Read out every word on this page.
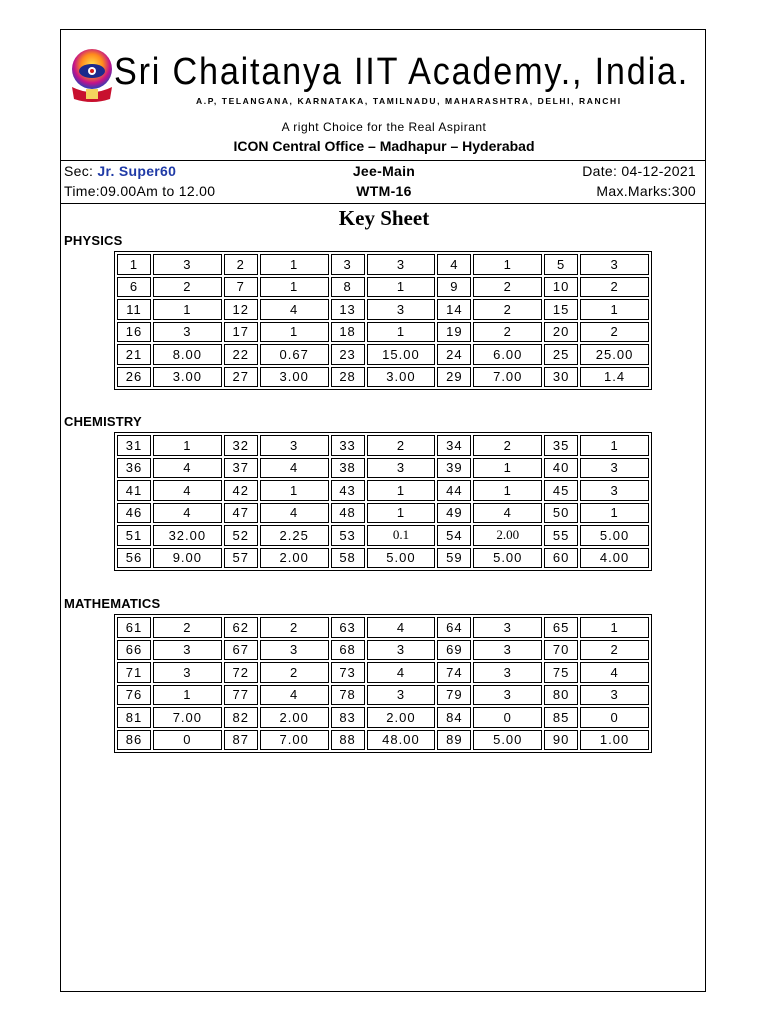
Sri Chaitanya IIT Academy., India.
A.P, TELANGANA, KARNATAKA, TAMILNADU, MAHARASHTRA, DELHI, RANCHI
A right Choice for the Real Aspirant
ICON Central Office – Madhapur – Hyderabad
Sec: Jr. Super60
Time:09.00Am to 12.00
Jee-Main
WTM-16
Date: 04-12-2021
Max.Marks:300
Key Sheet
PHYSICS
1	3	2	1	3	3	4	1	5	3
6	2	7	1	8	1	9	2	10	2
11	1	12	4	13	3	14	2	15	1
16	3	17	1	18	1	19	2	20	2
21	8.00	22	0.67	23	15.00	24	6.00	25	25.00
26	3.00	27	3.00	28	3.00	29	7.00	30	1.4
CHEMISTRY
31	1	32	3	33	2	34	2	35	1
36	4	37	4	38	3	39	1	40	3
41	4	42	1	43	1	44	1	45	3
46	4	47	4	48	1	49	4	50	1
51	32.00	52	2.25	53	0.1	54	2.00	55	5.00
56	9.00	57	2.00	58	5.00	59	5.00	60	4.00
MATHEMATICS
61	2	62	2	63	4	64	3	65	1
66	3	67	3	68	3	69	3	70	2
71	3	72	2	73	4	74	3	75	4
76	1	77	4	78	3	79	3	80	3
81	7.00	82	2.00	83	2.00	84	0	85	0
86	0	87	7.00	88	48.00	89	5.00	90	1.00
